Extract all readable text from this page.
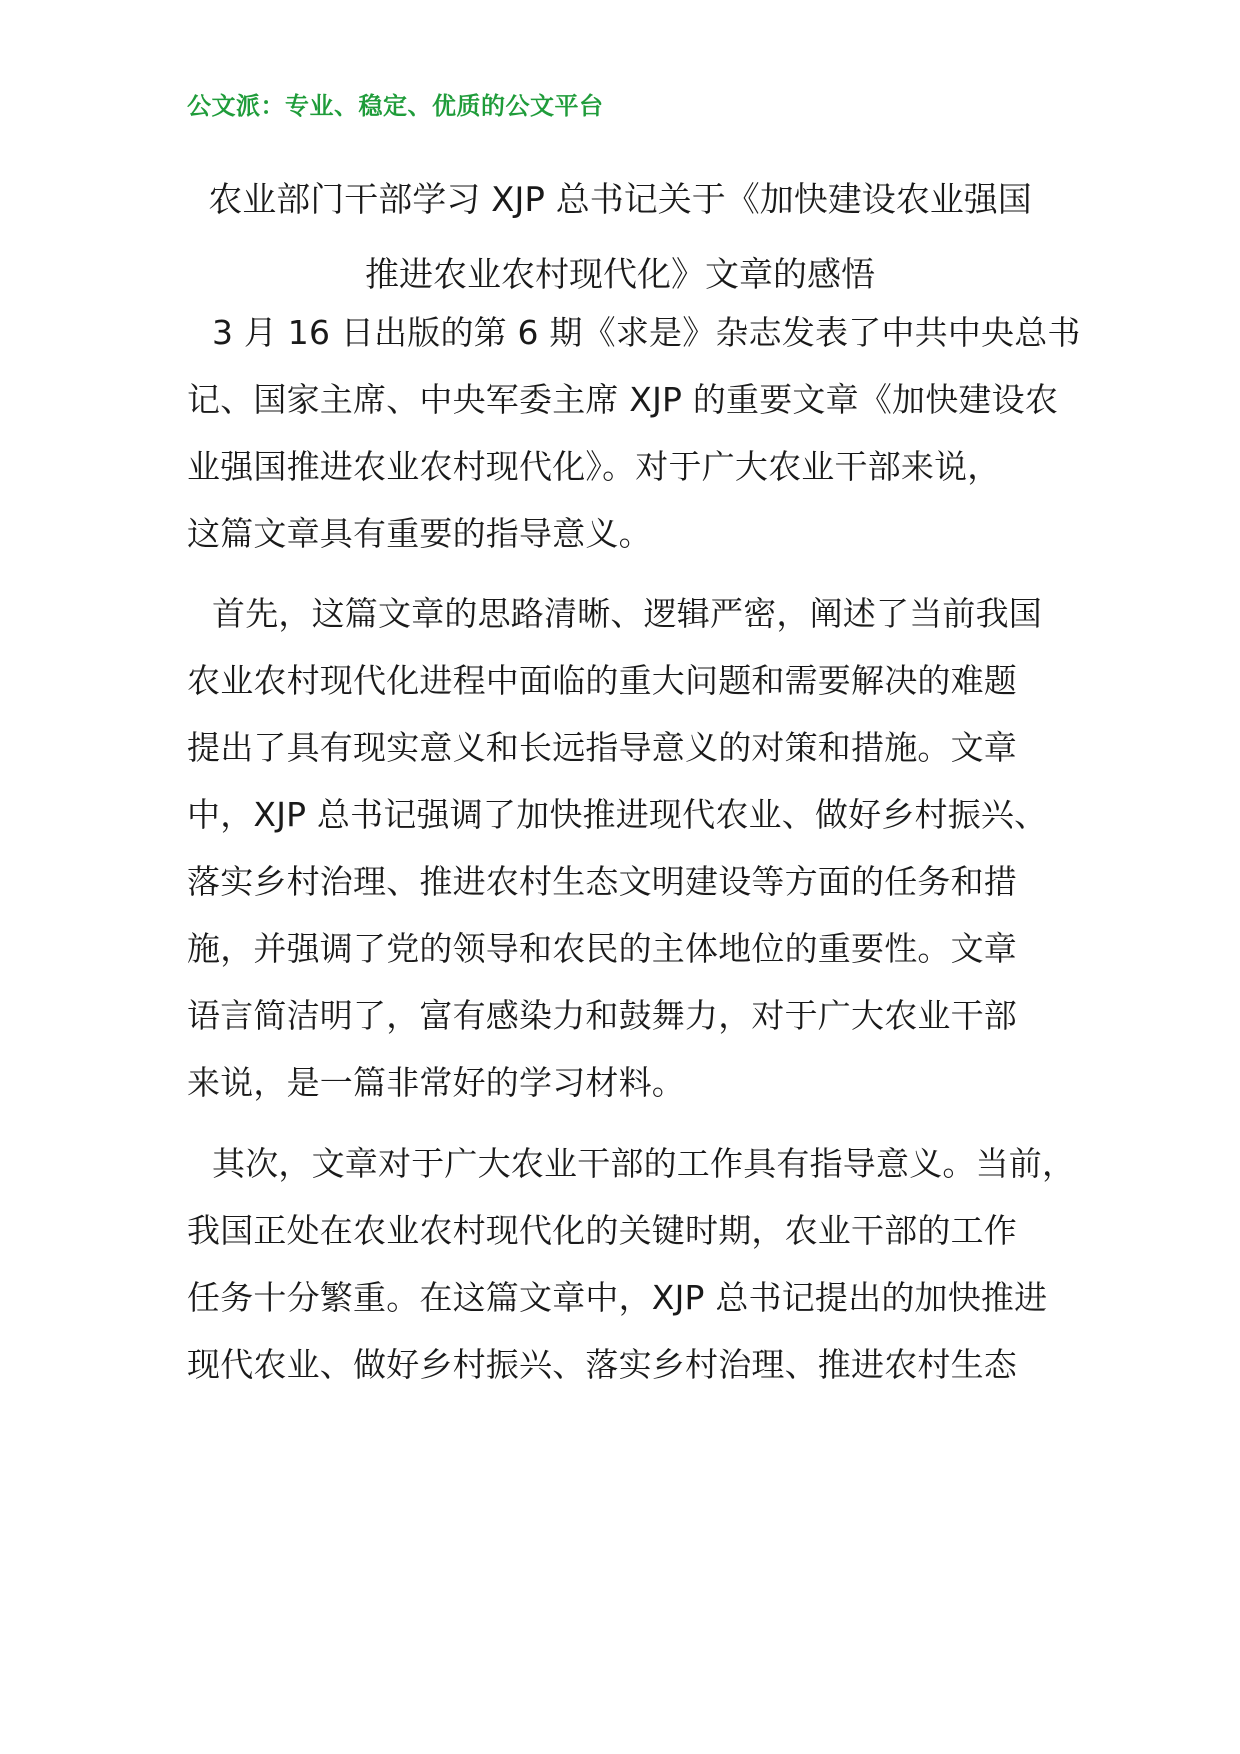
公文派：专业、稳定、优质的公文平台
农业部门干部学习 XJP 总书记关于《加快建设农业强国
推进农业农村现代化》文章的感悟
3 月 16 日出版的第 6 期《求是》杂志发表了中共中央总书
记、国家主席、中央军委主席 XJP 的重要文章《加快建设农
业强国推进农业农村现代化》。对于广大农业干部来说，
这篇文章具有重要的指导意义。
首先，这篇文章的思路清晰、逻辑严密，阐述了当前我国
农业农村现代化进程中面临的重大问题和需要解决的难题
提出了具有现实意义和长远指导意义的对策和措施。文章
中，XJP 总书记强调了加快推进现代农业、做好乡村振兴、
落实乡村治理、推进农村生态文明建设等方面的任务和措
施，并强调了党的领导和农民的主体地位的重要性。文章
语言简洁明了，富有感染力和鼓舞力，对于广大农业干部
来说，是一篇非常好的学习材料。
其次，文章对于广大农业干部的工作具有指导意义。当前，
我国正处在农业农村现代化的关键时期，农业干部的工作
任务十分繁重。在这篇文章中，XJP 总书记提出的加快推进
现代农业、做好乡村振兴、落实乡村治理、推进农村生态
